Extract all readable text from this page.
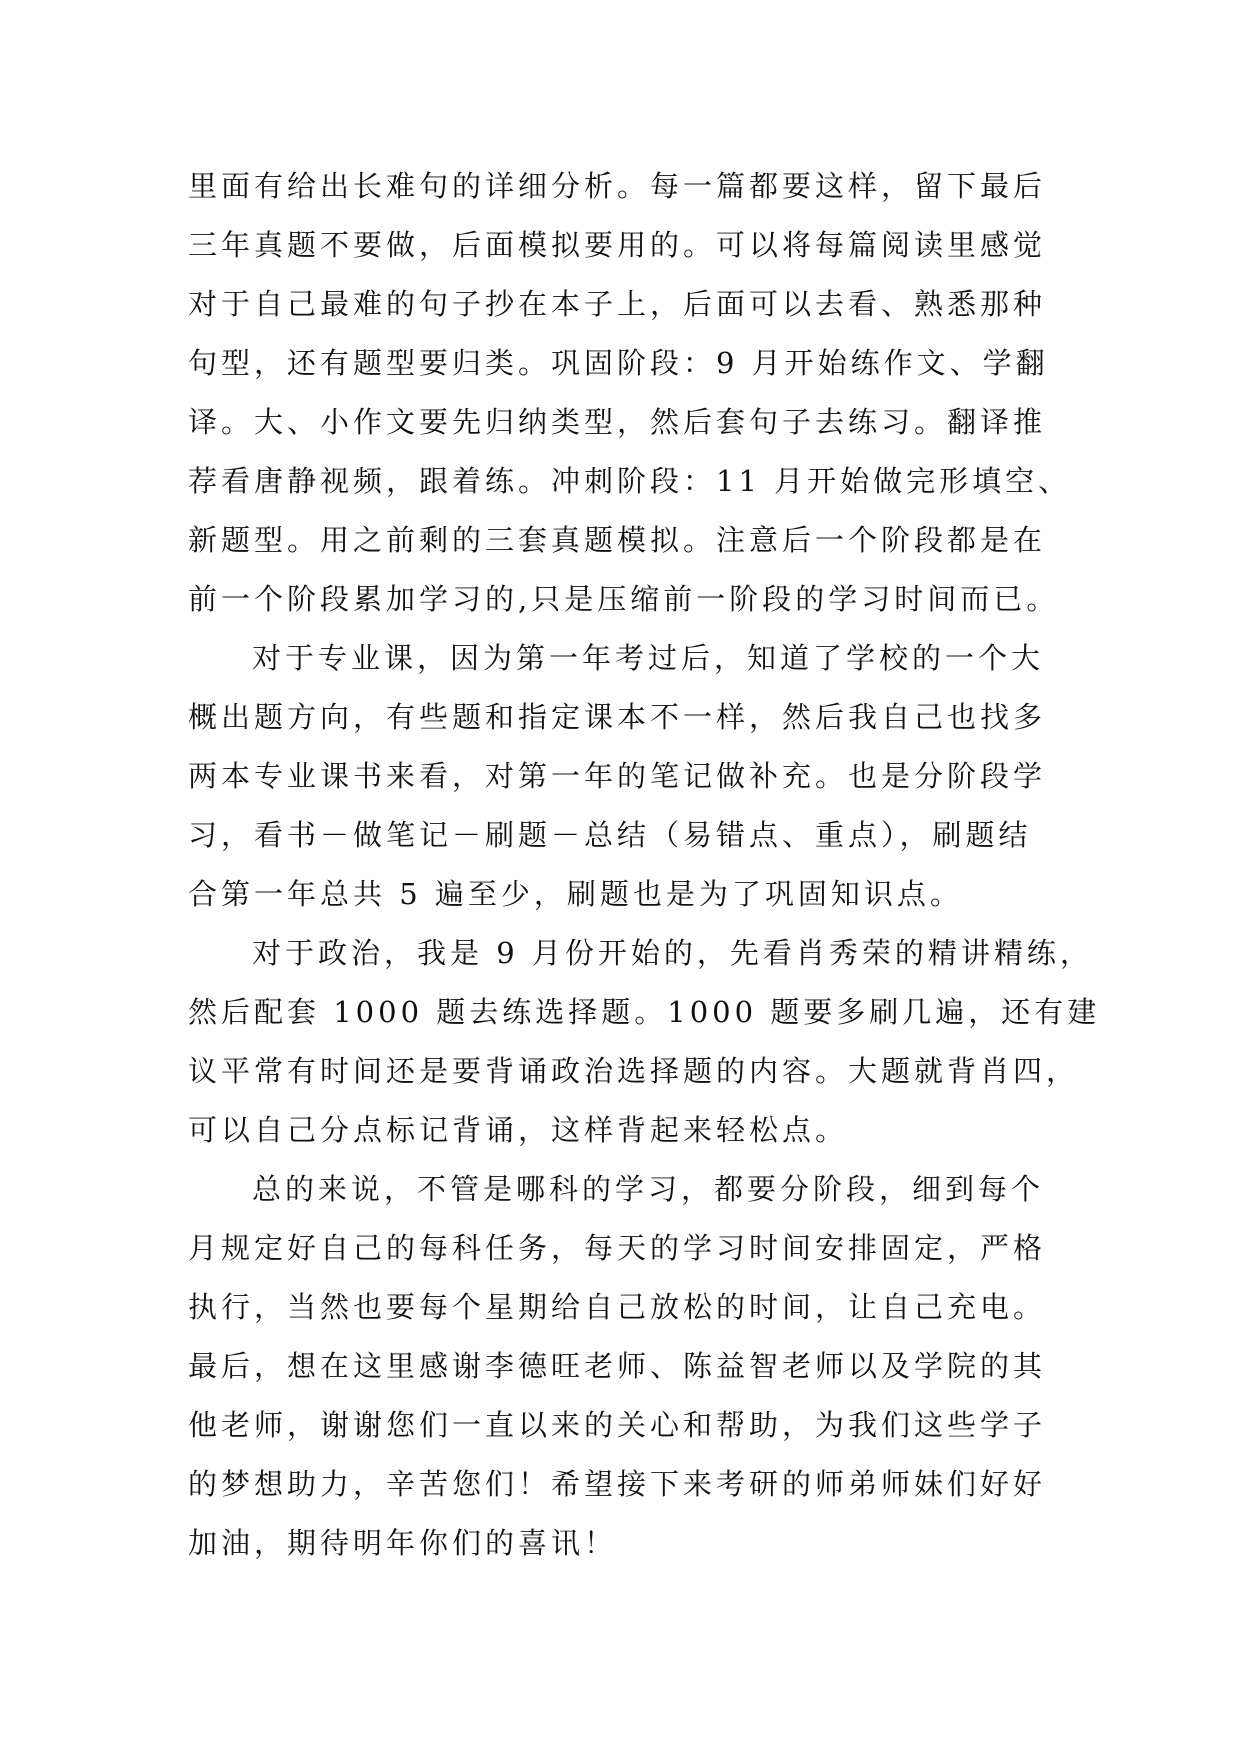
里面有给出长难句的详细分析。每一篇都要这样，留下最后
三年真题不要做，后面模拟要用的。可以将每篇阅读里感觉
对于自己最难的句子抄在本子上，后面可以去看、熟悉那种
句型，还有题型要归类。巩固阶段：9 月开始练作文、学翻
译。大、小作文要先归纳类型，然后套句子去练习。翻译推
荐看唐静视频，跟着练。冲刺阶段：11 月开始做完形填空、
新题型。用之前剩的三套真题模拟。注意后一个阶段都是在
前一个阶段累加学习的,只是压缩前一阶段的学习时间而已。
对于专业课，因为第一年考过后，知道了学校的一个大
概出题方向，有些题和指定课本不一样，然后我自己也找多
两本专业课书来看，对第一年的笔记做补充。也是分阶段学
习，看书－做笔记－刷题－总结（易错点、重点），刷题结
合第一年总共 5 遍至少，刷题也是为了巩固知识点。
对于政治，我是 9 月份开始的，先看肖秀荣的精讲精练，
然后配套 1000 题去练选择题。1000 题要多刷几遍，还有建
议平常有时间还是要背诵政治选择题的内容。大题就背肖四，
可以自己分点标记背诵，这样背起来轻松点。
总的来说，不管是哪科的学习，都要分阶段，细到每个
月规定好自己的每科任务，每天的学习时间安排固定，严格
执行，当然也要每个星期给自己放松的时间，让自己充电。
最后，想在这里感谢李德旺老师、陈益智老师以及学院的其
他老师，谢谢您们一直以来的关心和帮助，为我们这些学子
的梦想助力，辛苦您们！希望接下来考研的师弟师妹们好好
加油，期待明年你们的喜讯！
